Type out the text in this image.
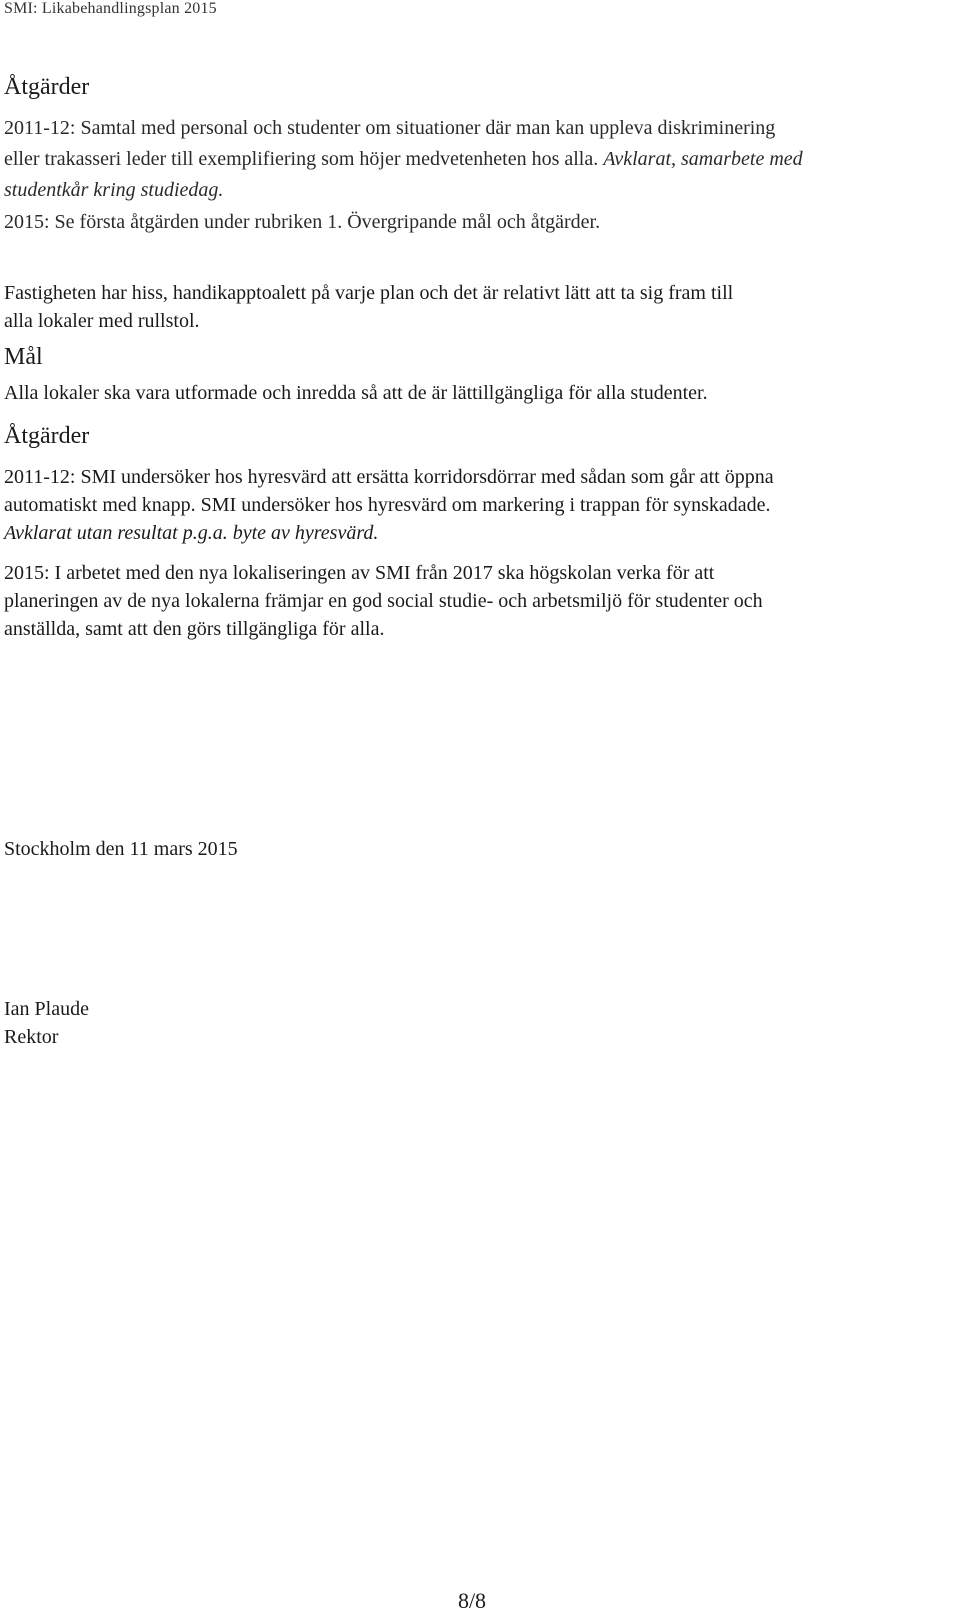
SMI: Likabehandlingsplan 2015
Åtgärder
2011-12: Samtal med personal och studenter om situationer där man kan uppleva diskriminering
eller trakasseri leder till exemplifiering som höjer medvetenheten hos alla. Avklarat, samarbete med
studentkår kring studiedag.
2015: Se första åtgärden under rubriken 1. Övergripande mål och åtgärder.
Fastigheten har hiss, handikapptoalett på varje plan och det är relativt lätt att ta sig fram till
alla lokaler med rullstol.
Mål
Alla lokaler ska vara utformade och inredda så att de är lättillgängliga för alla studenter.
Åtgärder
2011-12: SMI undersöker hos hyresvärd att ersätta korridorsdörrar med sådan som går att öppna
automatiskt med knapp. SMI undersöker hos hyresvärd om markering i trappan för synskadade.
Avklarat utan resultat p.g.a. byte av hyresvärd.
2015: I arbetet med den nya lokaliseringen av SMI från 2017 ska högskolan verka för att
planeringen av de nya lokalerna främjar en god social studie- och arbetsmiljö för studenter och
anställda, samt att den görs tillgängliga för alla.
Stockholm den 11 mars 2015
Ian Plaude
Rektor
8/8
